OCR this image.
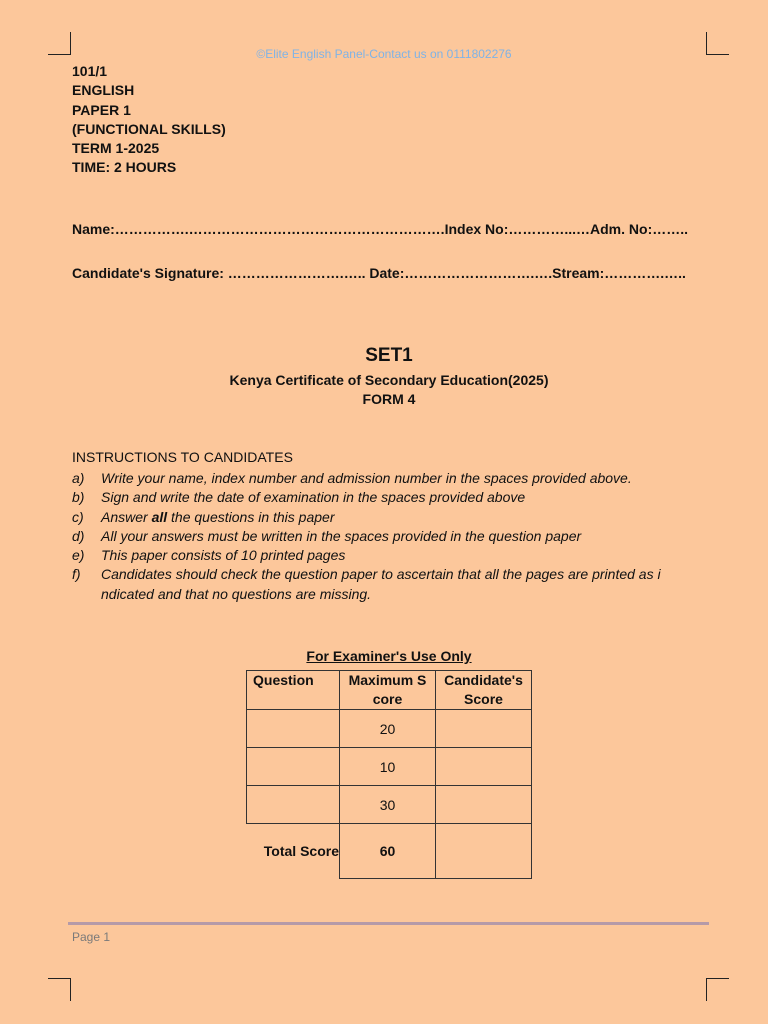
©Elite English Panel-Contact us on 0111802276
101/1
ENGLISH
PAPER 1
(FUNCTIONAL SKILLS)
TERM 1-2025
TIME: 2 HOURS
Name:…………….……………………………………………….Index No:…………...…Adm. No:……..
Candidate's Signature: …………………….….. Date:……………………….….Stream:………….…..
SET1
Kenya Certificate of Secondary Education(2025)
FORM 4
INSTRUCTIONS TO CANDIDATES
a)	Write your name, index number and admission number in the spaces provided above.
b)	Sign and write the date of examination in the spaces provided above
c)	Answer all the questions in this paper
d)	All your answers must be written in the spaces provided in the question paper
e)	This paper consists of 10 printed pages
f)	Candidates should check the question paper to ascertain that all the pages are printed as i ndicated and that no questions are missing.
For Examiner's Use Only
Question	Maximum S core	Candidate's Score
	20	
	10	
	30	
Total Score	60	
Page 1
